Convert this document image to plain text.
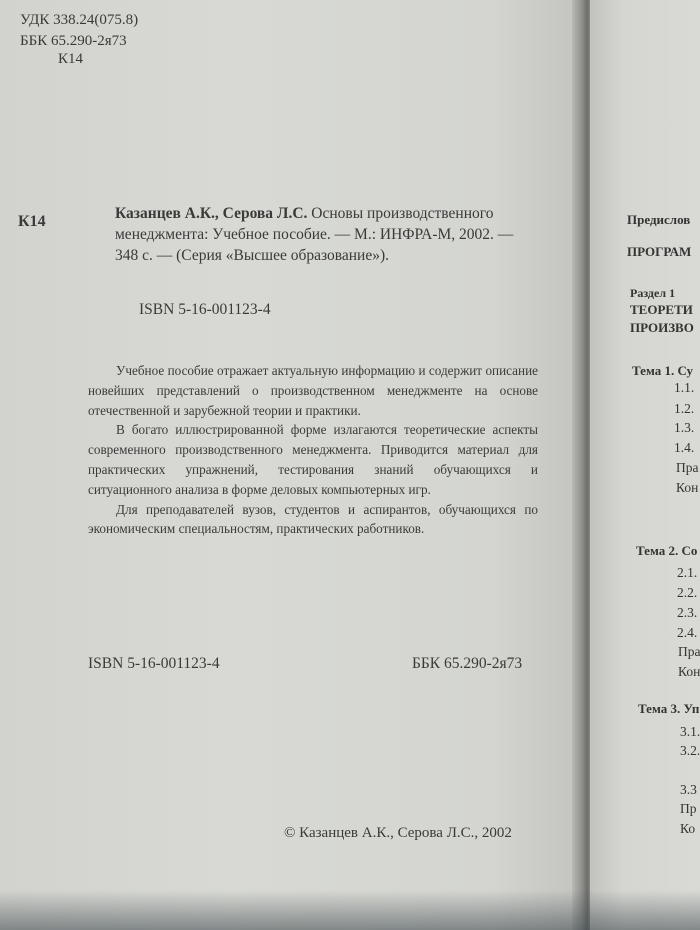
УДК 338.24(075.8)
ББК 65.290-2я73
К14
К14	Казанцев А.К., Серова Л.С. Основы производственного менеджмента: Учебное пособие. — М.: ИНФРА-М, 2002. — 348 с. — (Серия «Высшее образование»).
ISBN 5-16-001123-4

Учебное пособие отражает актуальную информацию и содержит описание новейших представлений о производственном менеджменте на основе отечественной и зарубежной теории и практики.

В богато иллюстрированной форме излагаются теоретические аспекты современного производственного менеджмента. Приводится материал для практических упражнений, тестирования знаний обучающихся и ситуационного анализа в форме деловых компьютерных игр.

Для преподавателей вузов, студентов и аспирантов, обучающихся по экономическим специальностям, практических работников.

ISBN 5-16-001123-4	ББК 65.290-2я73
© Казанцев А.К., Серова Л.С., 2002
Предислов
ПРОГРАМ
Раздел 1
ТЕОРЕТИ
ПРОИЗВО
Тема 1. Су
1.1.
1.2.
1.3.
1.4.
Пра
Кон
Тема 2. Со
2.1.
2.2.
2.3.
2.4.
Пра
Кон
Тема 3. Уп
3.1.
3.2.
3.3
Пр
Ко
